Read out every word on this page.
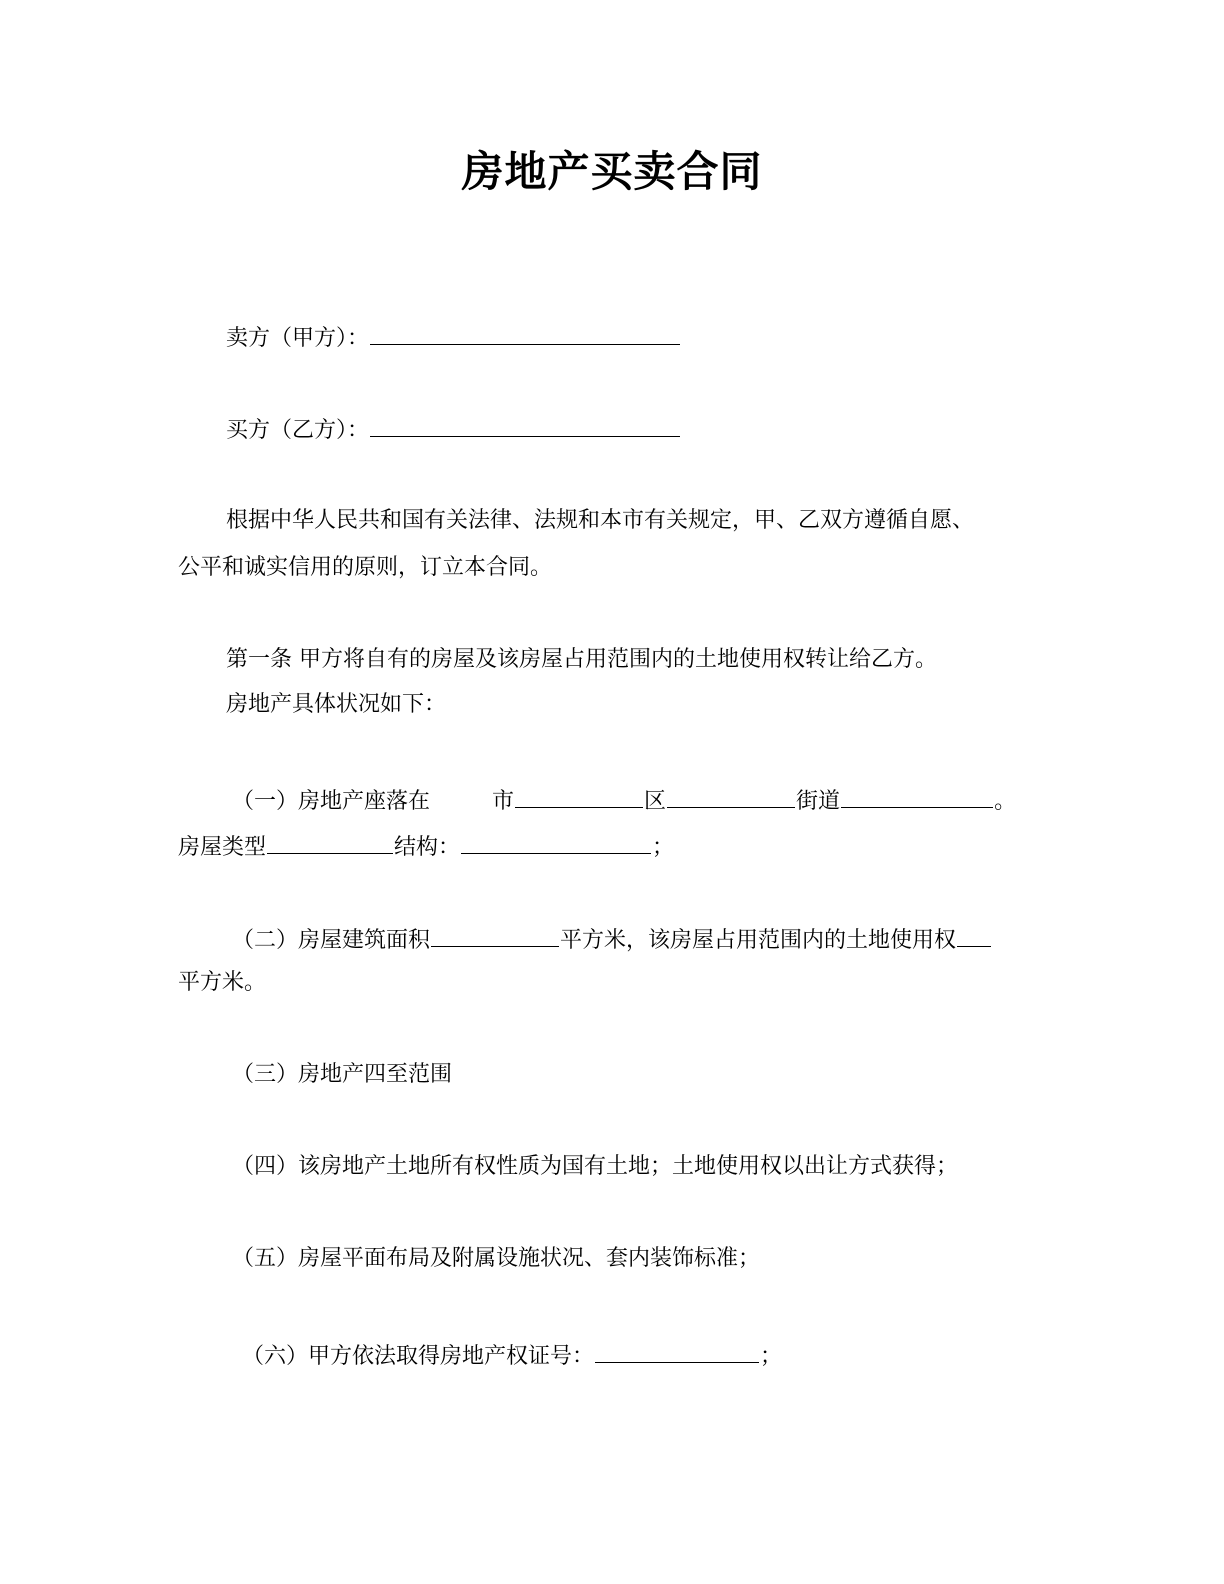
房地产买卖合同
卖方（甲方）：
买方（乙方）：
根据中华人民共和国有关法律、法规和本市有关规定，甲、乙双方遵循自愿、
公平和诚实信用的原则，订立本合同。
第一条 甲方将自有的房屋及该房屋占用范围内的土地使用权转让给乙方。
房地产具体状况如下：
（一）房地产座落在	市	区	街道	。
房屋类型	结构：	；
（二）房屋建筑面积	平方米，该房屋占用范围内的土地使用权
平方米。
（三）房地产四至范围
（四）该房地产土地所有权性质为国有土地；土地使用权以出让方式获得；
（五）房屋平面布局及附属设施状况、套内装饰标准；
（六）甲方依法取得房地产权证号：	；
